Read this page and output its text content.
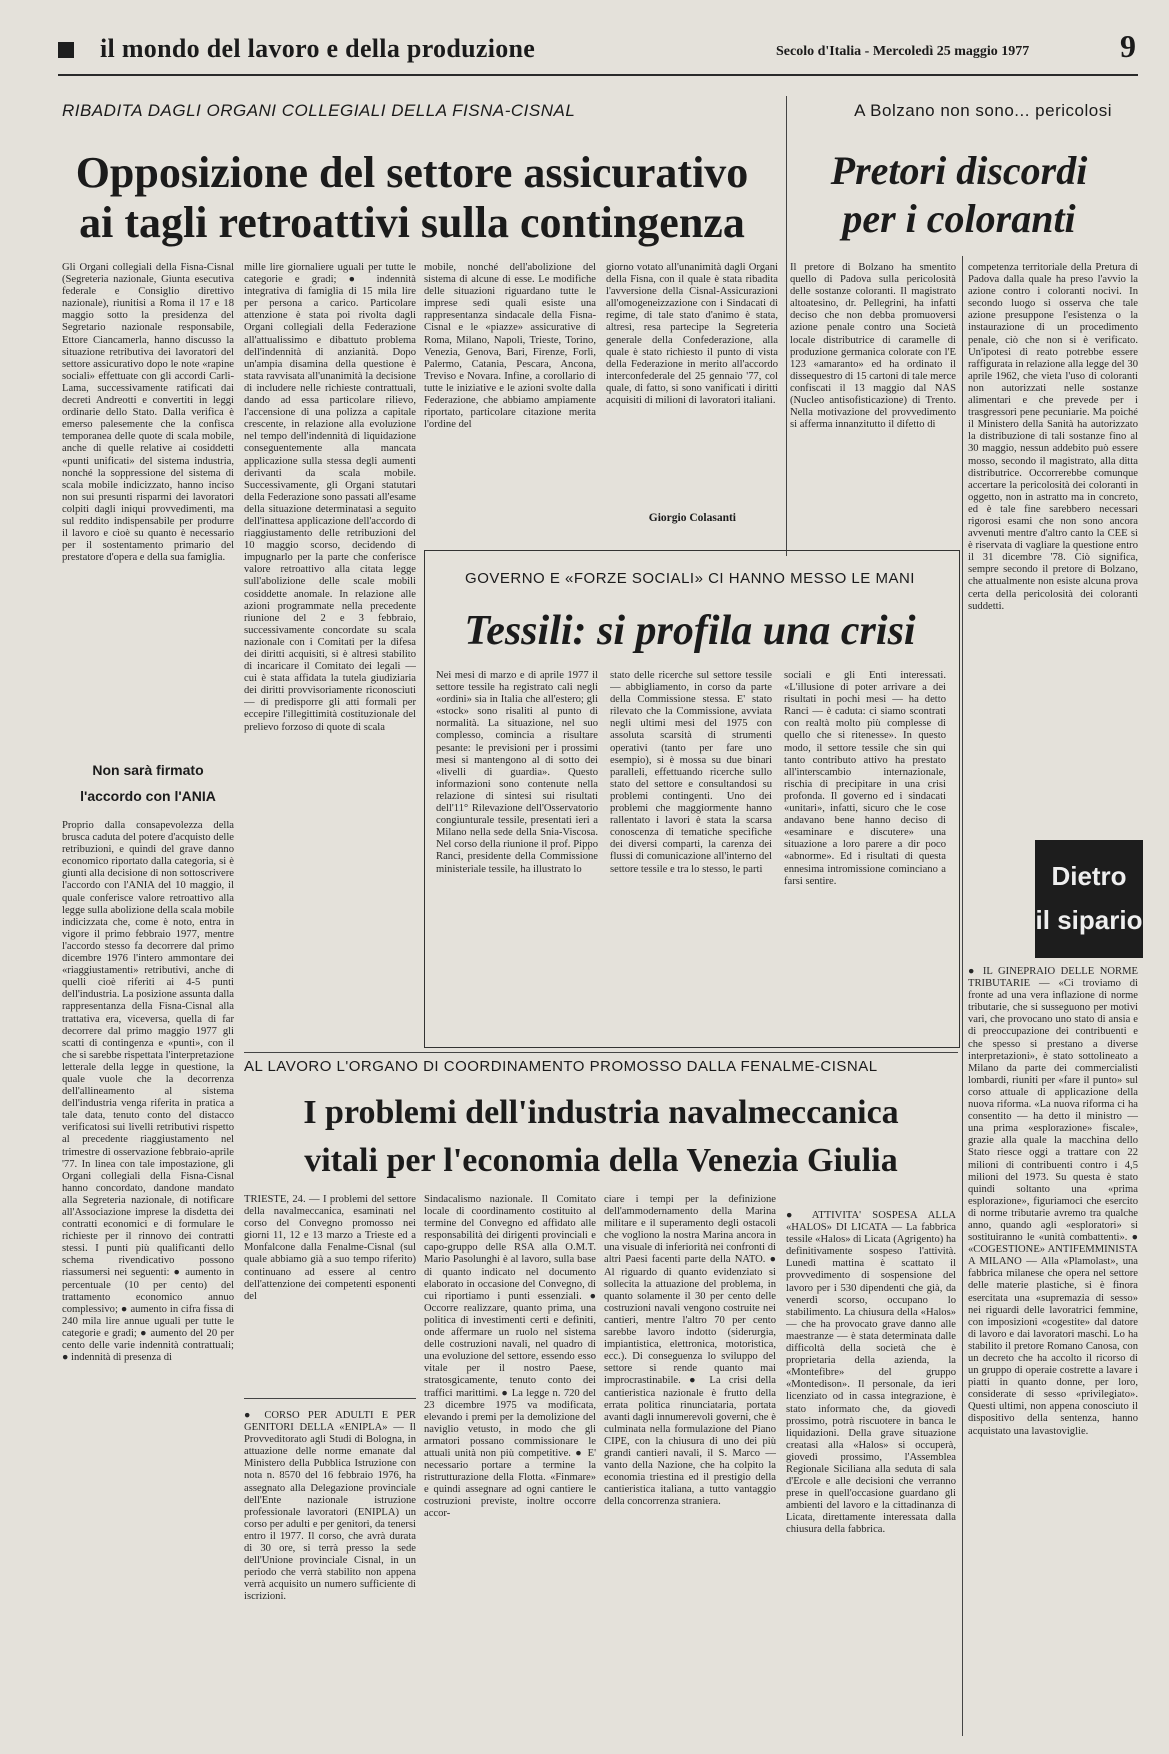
il mondo del lavoro e della produzione	Secolo d'Italia - Mercoledì 25 maggio 1977	9
RIBADITA DAGLI ORGANI COLLEGIALI DELLA FISNA-CISNAL
Opposizione del settore assicurativo
ai tagli retroattivi sulla contingenza
Gli Organi collegiali della Fisna-Cisnal (Segreteria nazionale, Giunta esecutiva federale e Consiglio direttivo nazionale), riunitisi a Roma il 17 e 18 maggio sotto la presidenza del Segretario nazionale responsabile, Ettore Ciancamerla, hanno discusso la situazione retributiva dei lavoratori del settore assicurativo dopo le note «rapine sociali» effettuate con gli accordi Carli-Lama, successivamente ratificati dai decreti Andreotti e convertiti in leggi ordinarie dello Stato. Dalla verifica è emerso palesemente che la confisca temporanea delle quote di scala mobile, anche di quelle relative ai cosiddetti «punti unificati» del sistema industria, nonché la soppressione del sistema di scala mobile indicizzato, hanno inciso non sui presunti risparmi dei lavoratori colpiti dagli iniqui provvedimenti, ma sul reddito indispensabile per produrre il lavoro e cioè su quanto è necessario per il sostentamento primario del prestatore d'opera e della sua famiglia.
Non sarà firmato
l'accordo con l'ANIA
Proprio dalla consapevolezza della brusca caduta del potere d'acquisto delle retribuzioni, e quindi del grave danno economico riportato dalla categoria, si è giunti alla decisione di non sottoscrivere l'accordo con l'ANIA del 10 maggio, il quale conferisce valore retroattivo alla legge sulla abolizione della scala mobile indicizzata che, come è noto, entra in vigore il primo febbraio 1977, mentre l'accordo stesso fa decorrere dal primo dicembre 1976 l'intero ammontare dei «riaggiustamenti» retributivi, anche di quelli cioè riferiti ai 4-5 punti dell'industria. La posizione assunta dalla rappresentanza della Fisna-Cisnal alla trattativa era, viceversa, quella di far decorrere dal primo maggio 1977 gli scatti di contingenza e «punti», con il che si sarebbe rispettata l'interpretazione letterale della legge in questione, la quale vuole che la decorrenza dell'allineamento al sistema dell'industria venga riferita in pratica a tale data, tenuto conto del distacco verificatosi sui livelli retributivi rispetto al precedente riaggiustamento nel trimestre di osservazione febbraio-aprile '77. In linea con tale impostazione, gli Organi collegiali della Fisna-Cisnal hanno concordato, dandone mandato alla Segreteria nazionale, di notificare all'Associazione imprese la disdetta dei contratti economici e di formulare le richieste per il rinnovo dei contratti stessi. I punti più qualificanti dello schema rivendicativo possono riassumersi nei seguenti: ● aumento in percentuale (10 per cento) del trattamento economico annuo complessivo; ● aumento in cifra fissa di 240 mila lire annue uguali per tutte le categorie e gradi; ● aumento del 20 per cento delle varie indennità contrattuali; ● indennità di presenza di
mille lire giornaliere uguali per tutte le categorie e gradi; ● indennità integrativa di famiglia di 15 mila lire per persona a carico. Particolare attenzione è stata poi rivolta dagli Organi collegiali della Federazione all'attualissimo e dibattuto problema dell'indennità di anzianità. Dopo un'ampia disamina della questione è stata ravvisata all'unanimità la decisione di includere nelle richieste contrattuali, dando ad essa particolare rilievo, l'accensione di una polizza a capitale crescente, in relazione alla evoluzione nel tempo dell'indennità di liquidazione conseguentemente alla mancata applicazione sulla stessa degli aumenti derivanti da scala mobile. Successivamente, gli Organi statutari della Federazione sono passati all'esame della situazione determinatasi a seguito dell'inattesa applicazione dell'accordo di riaggiustamento delle retribuzioni del 10 maggio scorso, decidendo di impugnarlo per la parte che conferisce valore retroattivo alla citata legge sull'abolizione delle scale mobili cosiddette anomale. In relazione alle azioni programmate nella precedente riunione del 2 e 3 febbraio, successivamente concordate su scala nazionale con i Comitati per la difesa dei diritti acquisiti, si è altresì stabilito di incaricare il Comitato dei legali — cui è stata affidata la tutela giudiziaria dei diritti provvisoriamente riconosciuti — di predisporre gli atti formali per eccepire l'illegittimità costituzionale del prelievo forzoso di quote di scala
mobile, nonché dell'abolizione del sistema di alcune di esse. Le modifiche delle situazioni riguardano tutte le imprese sedi quali esiste una rappresentanza sindacale della Fisna-Cisnal e le «piazze» assicurative di Roma, Milano, Napoli, Trieste, Torino, Venezia, Genova, Bari, Firenze, Forlì, Palermo, Catania, Pescara, Ancona, Treviso e Novara. Infine, a corollario di tutte le iniziative e le azioni svolte dalla Federazione, che abbiamo ampiamente riportato, particolare citazione merita l'ordine del
giorno votato all'unanimità dagli Organi della Fisna, con il quale è stata ribadita l'avversione della Cisnal-Assicurazioni all'omogeneizzazione con i Sindacati di regime, di tale stato d'animo è stata, altresì, resa partecipe la Segreteria generale della Confederazione, alla quale è stato richiesto il punto di vista della Federazione in merito all'accordo interconfederale del 25 gennaio '77, col quale, di fatto, si sono vanificati i diritti acquisiti di milioni di lavoratori italiani.
A Bolzano non sono... pericolosi
Pretori discordi
per i coloranti
Il pretore di Bolzano ha smentito quello di Padova sulla pericolosità delle sostanze coloranti. Il magistrato altoatesino, dr. Pellegrini, ha infatti deciso che non debba promuoversi azione penale contro una Società locale distributrice di caramelle di produzione germanica colorate con l'E 123 «amaranto» ed ha ordinato il dissequestro di 15 cartoni di tale merce confiscati il 13 maggio dal NAS (Nucleo antisofisticazione) di Trento. Nella motivazione del provvedimento si afferma innanzitutto il difetto di
Giorgio Colasanti
competenza territoriale della Pretura di Padova dalla quale ha preso l'avvio la azione contro i coloranti nocivi. In secondo luogo si osserva che tale azione presuppone l'esistenza o la instaurazione di un procedimento penale, ciò che non si è verificato. Un'ipotesi di reato potrebbe essere raffigurata in relazione alla legge del 30 aprile 1962, che vieta l'uso di coloranti non autorizzati nelle sostanze alimentari e che prevede per i trasgressori pene pecuniarie. Ma poiché il Ministero della Sanità ha autorizzato la distribuzione di tali sostanze fino al 30 maggio, nessun addebito può essere mosso, secondo il magistrato, alla ditta distributrice. Occorrerebbe comunque accertare la pericolosità dei coloranti in oggetto, non in astratto ma in concreto, ed è tale fine sarebbero necessari rigorosi esami che non sono ancora avvenuti mentre d'altro canto la CEE si è riservata di vagliare la questione entro il 31 dicembre '78. Ciò significa, sempre secondo il pretore di Bolzano, che attualmente non esiste alcuna prova certa della pericolosità dei coloranti suddetti.
GOVERNO E «FORZE SOCIALI» CI HANNO MESSO LE MANI
Tessili: si profila una crisi
Nei mesi di marzo e di aprile 1977 il settore tessile ha registrato cali negli «ordini» sia in Italia che all'estero; gli «stock» sono risaliti al punto di normalità. La situazione, nel suo complesso, comincia a risultare pesante: le previsioni per i prossimi mesi si mantengono al di sotto dei «livelli di guardia». Questo informazioni sono contenute nella relazione di sintesi sui risultati dell'11° Rilevazione dell'Osservatorio congiunturale tessile, presentati ieri a Milano nella sede della Snia-Viscosa. Nel corso della riunione il prof. Pippo Ranci, presidente della Commissione ministeriale tessile, ha illustrato lo
stato delle ricerche sul settore tessile — abbigliamento, in corso da parte della Commissione stessa. E' stato rilevato che la Commissione, avviata negli ultimi mesi del 1975 con assoluta scarsità di strumenti operativi (tanto per fare uno esempio), si è mossa su due binari paralleli, effettuando ricerche sullo stato del settore e consultandosi su problemi contingenti. Uno dei problemi che maggiormente hanno rallentato i lavori è stata la scarsa conoscenza di tematiche specifiche dei diversi comparti, la carenza dei flussi di comunicazione all'interno del settore tessile e tra lo stesso, le parti
sociali e gli Enti interessati. «L'illusione di poter arrivare a dei risultati in pochi mesi — ha detto Ranci — è caduta: ci siamo scontrati con realtà molto più complesse di quello che si ritenesse». In questo modo, il settore tessile che sin qui tanto contributo attivo ha prestato all'interscambio internazionale, rischia di precipitare in una crisi profonda. Il governo ed i sindacati «unitari», infatti, sicuro che le cose andavano bene hanno deciso di «esaminare e discutere» una situazione a loro parere a dir poco «abnorme». Ed i risultati di questa ennesima intromissione cominciano a farsi sentire.
AL LAVORO L'ORGANO DI COORDINAMENTO PROMOSSO DALLA FENALME-CISNAL
I problemi dell'industria navalmeccanica
vitali per l'economia della Venezia Giulia
TRIESTE, 24. — I problemi del settore della navalmeccanica, esaminati nel corso del Convegno promosso nei giorni 11, 12 e 13 marzo a Trieste ed a Monfalcone dalla Fenalme-Cisnal (sul quale abbiamo già a suo tempo riferito) continuano ad essere al centro dell'attenzione dei competenti esponenti del
● CORSO PER ADULTI E PER GENITORI DELLA «ENIPLA» — Il Provveditorato agli Studi di Bologna, in attuazione delle norme emanate dal Ministero della Pubblica Istruzione con nota n. 8570 del 16 febbraio 1976, ha assegnato alla Delegazione provinciale dell'Ente nazionale istruzione professionale lavoratori (ENIPLA) un corso per adulti e per genitori, da tenersi entro il 1977. Il corso, che avrà durata di 30 ore, si terrà presso la sede dell'Unione provinciale Cisnal, in un periodo che verrà stabilito non appena verrà acquisito un numero sufficiente di iscrizioni.
Sindacalismo nazionale. Il Comitato locale di coordinamento costituito al termine del Convegno ed affidato alle responsabilità dei dirigenti provinciali e capo-gruppo delle RSA alla O.M.T. Mario Pasolunghi è al lavoro, sulla base di quanto indicato nel documento elaborato in occasione del Convegno, di cui riportiamo i punti essenziali. ● Occorre realizzare, quanto prima, una politica di investimenti certi e definiti, onde affermare un ruolo nel sistema delle costruzioni navali, nel quadro di una evoluzione del settore, essendo esso vitale per il nostro Paese, stratosgicamente, tenuto conto dei traffici marittimi. ● La legge n. 720 del 23 dicembre 1975 va modificata, elevando i premi per la demolizione del naviglio vetusto, in modo che gli armatori possano commissionare le attuali unità non più competitive. ● E' necessario portare a termine la ristrutturazione della Flotta. «Finmare» e quindi assegnare ad ogni cantiere le costruzioni previste, inoltre occorre accor-
ciare i tempi per la definizione dell'ammodernamento della Marina militare e il superamento degli ostacoli che vogliono la nostra Marina ancora in una visuale di inferiorità nei confronti di altri Paesi facenti parte della NATO. ● Al riguardo di quanto evidenziato si sollecita la attuazione del problema, in quanto solamente il 30 per cento delle costruzioni navali vengono costruite nei cantieri, mentre l'altro 70 per cento sarebbe lavoro indotto (siderurgia, impiantistica, elettronica, motoristica, ecc.). Di conseguenza lo sviluppo del settore si rende quanto mai improcrastinabile. ● La crisi della cantieristica nazionale è frutto della errata politica rinunciataria, portata avanti dagli innumerevoli governi, che è culminata nella formulazione del Piano CIPE, con la chiusura di uno dei più grandi cantieri navali, il S. Marco — vanto della Nazione, che ha colpito la economia triestina ed il prestigio della cantieristica italiana, a tutto vantaggio della concorrenza straniera.
● ATTIVITA' SOSPESA ALLA «HALOS» DI LICATA — La fabbrica tessile «Halos» di Licata (Agrigento) ha definitivamente sospeso l'attività. Lunedì mattina è scattato il provvedimento di sospensione del lavoro per i 530 dipendenti che già, da venerdì scorso, occupano lo stabilimento. La chiusura della «Halos» — che ha provocato grave danno alle maestranze — è stata determinata dalle difficoltà della società che è proprietaria della azienda, la «Montefibre» del gruppo «Montedison». Il personale, da ieri licenziato od in cassa integrazione, è stato informato che, da giovedì prossimo, potrà riscuotere in banca le liquidazioni. Della grave situazione creatasi alla «Halos» si occuperà, giovedì prossimo, l'Assemblea Regionale Siciliana alla seduta di sala d'Ercole e alle decisioni che verranno prese in quell'occasione guardano gli ambienti del lavoro e la cittadinanza di Licata, direttamente interessata dalla chiusura della fabbrica.
Dietro
il sipario
● IL GINEPRAIO DELLE NORME TRIBUTARIE — «Ci troviamo di fronte ad una vera inflazione di norme tributarie, che si susseguono per motivi vari, che provocano uno stato di ansia e di preoccupazione dei contribuenti e che spesso si prestano a diverse interpretazioni», è stato sottolineato a Milano da parte dei commercialisti lombardi, riuniti per «fare il punto» sul corso attuale di applicazione della nuova riforma. «La nuova riforma ci ha consentito — ha detto il ministro — una prima «esplorazione» fiscale», grazie alla quale la macchina dello Stato riesce oggi a trattare con 22 milioni di contribuenti contro i 4,5 milioni del 1973. Su questa è stato quindi soltanto una «prima esplorazione», figuriamoci che esercito di norme tributarie avremo tra qualche anno, quando agli «esploratori» si sostituiranno le «unità combattenti». ● «COGESTIONE» ANTIFEMMINISTA A MILANO — Alla «Plamolast», una fabbrica milanese che opera nel settore delle materie plastiche, si è finora esercitata una «supremazia di sesso» nei riguardi delle lavoratrici femmine, con imposizioni «cogestite» dal datore di lavoro e dai lavoratori maschi. Lo ha stabilito il pretore Romano Canosa, con un decreto che ha accolto il ricorso di un gruppo di operaie costrette a lavare i piatti in quanto donne, per loro, considerate di sesso «privilegiato». Questi ultimi, non appena conosciuto il dispositivo della sentenza, hanno acquistato una lavastoviglie.
